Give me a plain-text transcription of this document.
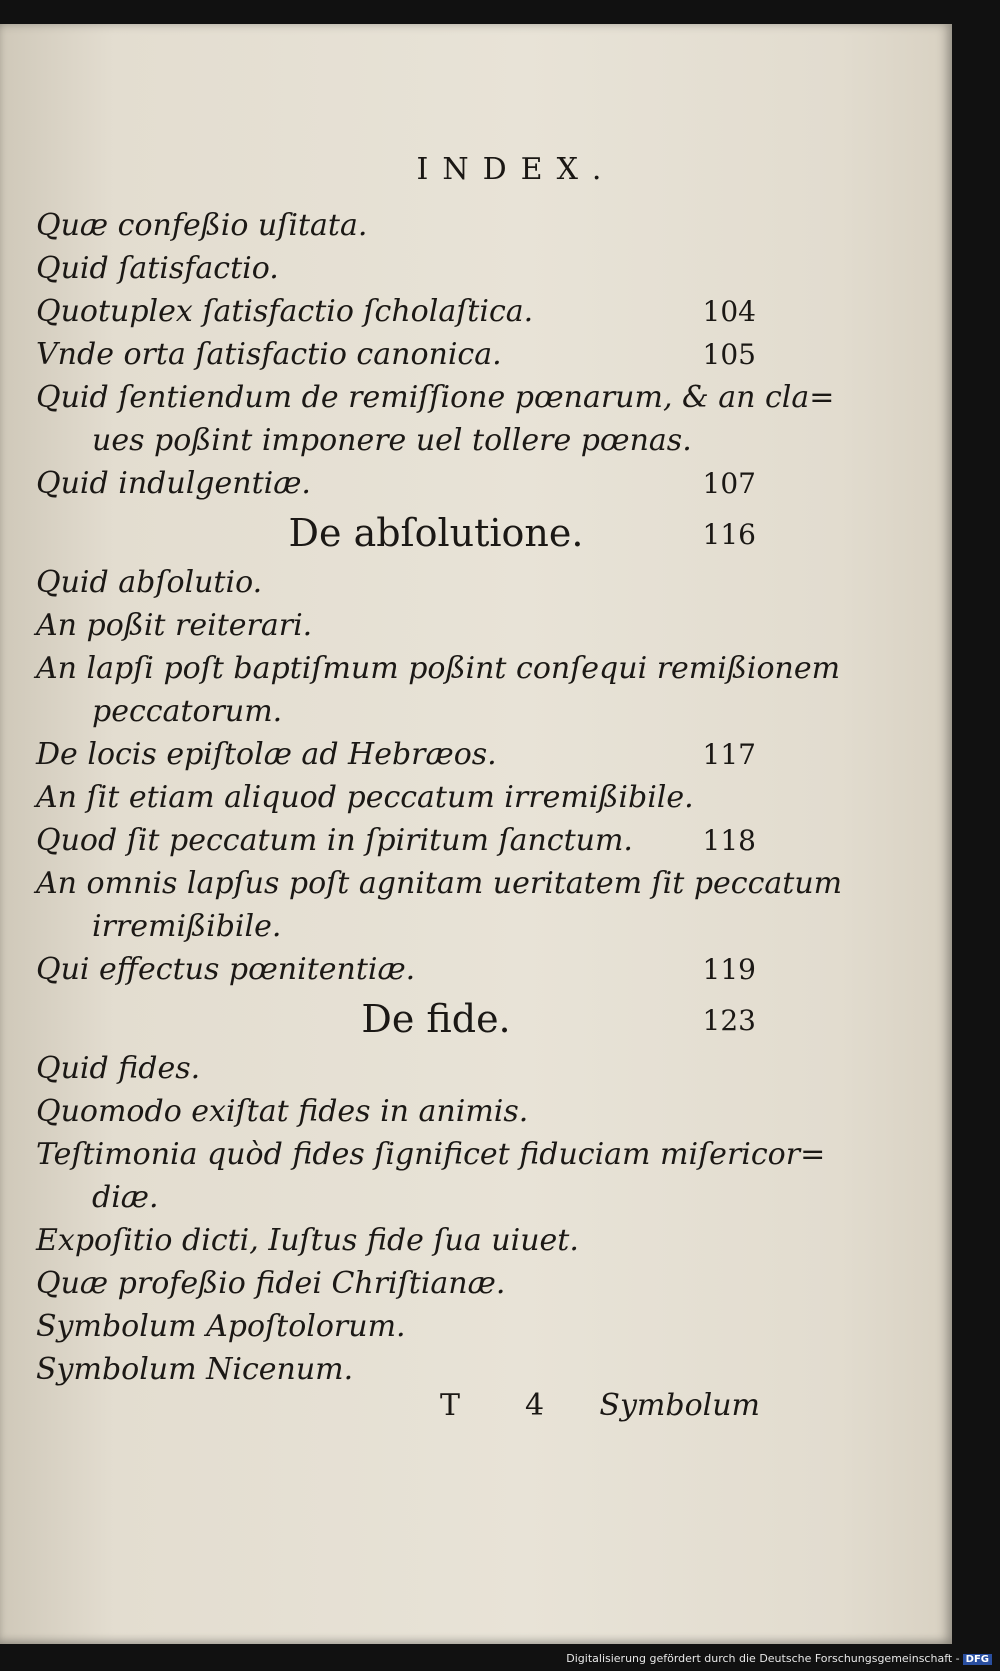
INDEX.
Quæ confeßio uſitata.
Quid ſatisfactio.
Quotuplex ſatisfactio ſcholaſtica.	104
Vnde orta ſatisfactio canonica.	105
Quid ſentiendum de remiſſione pœnarum, & an cla=
ues poßint imponere uel tollere pœnas.
Quid indulgentiæ.	107
De abſolutione.	116
Quid abſolutio.
An poßit reiterari.
An lapſi poſt baptiſmum poßint conſequi remißionem
peccatorum.
De locis epiſtolæ ad Hebræos.	117
An ſit etiam aliquod peccatum irremißibile.
Quod ſit peccatum in ſpiritum ſanctum. 118
An omnis lapſus poſt agnitam ueritatem ſit peccatum
irremißibile.
Qui effectus pœnitentiæ.	119
De fide.	123
Quid fides.
Quomodo exiſtat fides in animis.
Teſtimonia quòd fides ſignificet fiduciam miſericor=
diæ.
Expoſitio dicti, Iuſtus fide ſua uiuet.
Quæ profeßio fidei Chriſtianæ.
Symbolum Apoſtolorum.
Symbolum Nicenum.
T 4 Symbolum
Digitalisierung gefördert durch die Deutsche Forschungsgemeinschaft - DFG
